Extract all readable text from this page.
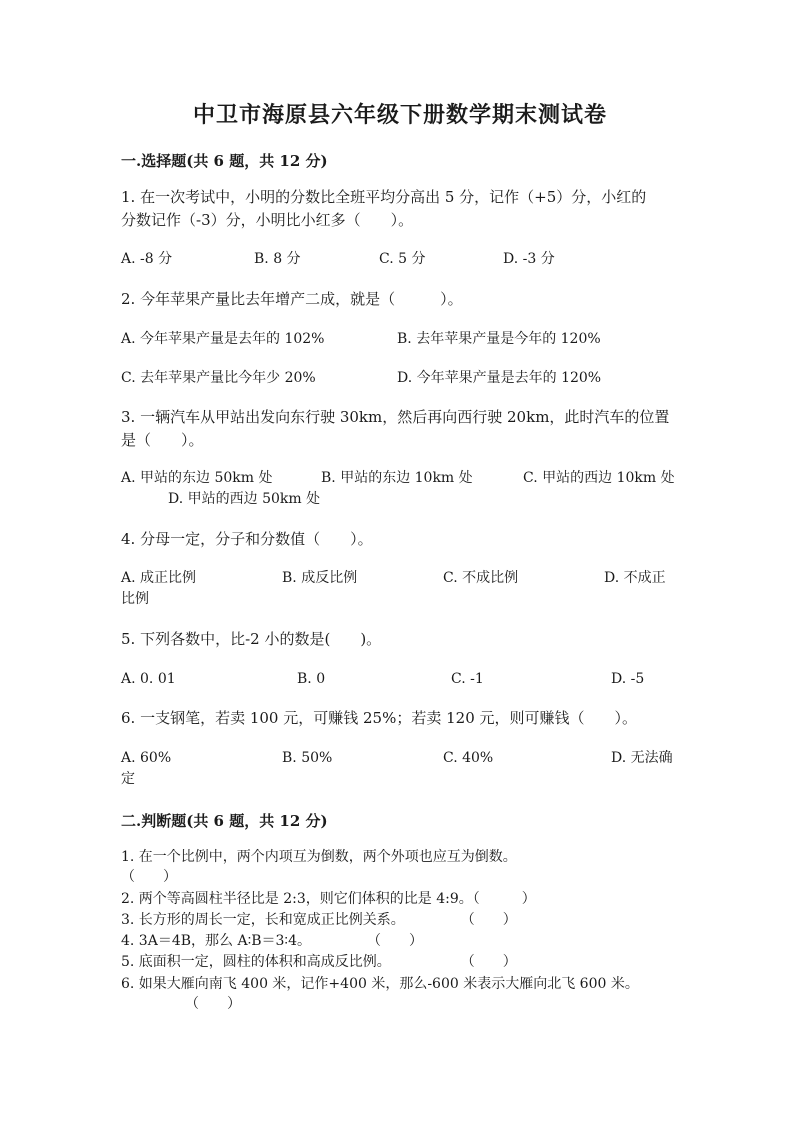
中卫市海原县六年级下册数学期末测试卷
一.选择题(共 6 题，共 12 分)
1. 在一次考试中，小明的分数比全班平均分高出 5 分，记作（+5）分，小红的
分数记作（-3）分，小明比小红多（　　）。
A. -8 分	B. 8 分	C. 5 分	D. -3 分
2. 今年苹果产量比去年增产二成，就是（　　　）。
A. 今年苹果产量是去年的 102%	B. 去年苹果产量是今年的 120%
C. 去年苹果产量比今年少 20%	D. 今年苹果产量是去年的 120%
3. 一辆汽车从甲站出发向东行驶 30km，然后再向西行驶 20km，此时汽车的位置
是（　　）。
A. 甲站的东边 50km 处	B. 甲站的东边 10km 处	C. 甲站的西边 10km 处
D. 甲站的西边 50km 处
4. 分母一定，分子和分数值（　　）。
A. 成正比例	B. 成反比例	C. 不成比例	D. 不成正
比例
5. 下列各数中，比-2 小的数是(　　)。
A. 0. 01	B. 0	C. -1	D. -5
6. 一支钢笔，若卖 100 元，可赚钱 25%；若卖 120 元，则可赚钱（　　）。
A. 60%	B. 50%	C. 40%	D. 无法确
定
二.判断题(共 6 题，共 12 分)
1. 在一个比例中，两个内项互为倒数，两个外项也应互为倒数。
（　　）
2. 两个等高圆柱半径比是 2:3，则它们体积的比是 4:9。（　　　）
3. 长方形的周长一定，长和宽成正比例关系。　　　　　（　　）
4. 3A＝4B，那么 A∶B＝3∶4。　　　　　（　　）
5. 底面积一定，圆柱的体积和高成反比例。　　　　　　（　　）
6. 如果大雁向南飞 400 米，记作+400 米，那么-600 米表示大雁向北飞 600 米。
（　　）
